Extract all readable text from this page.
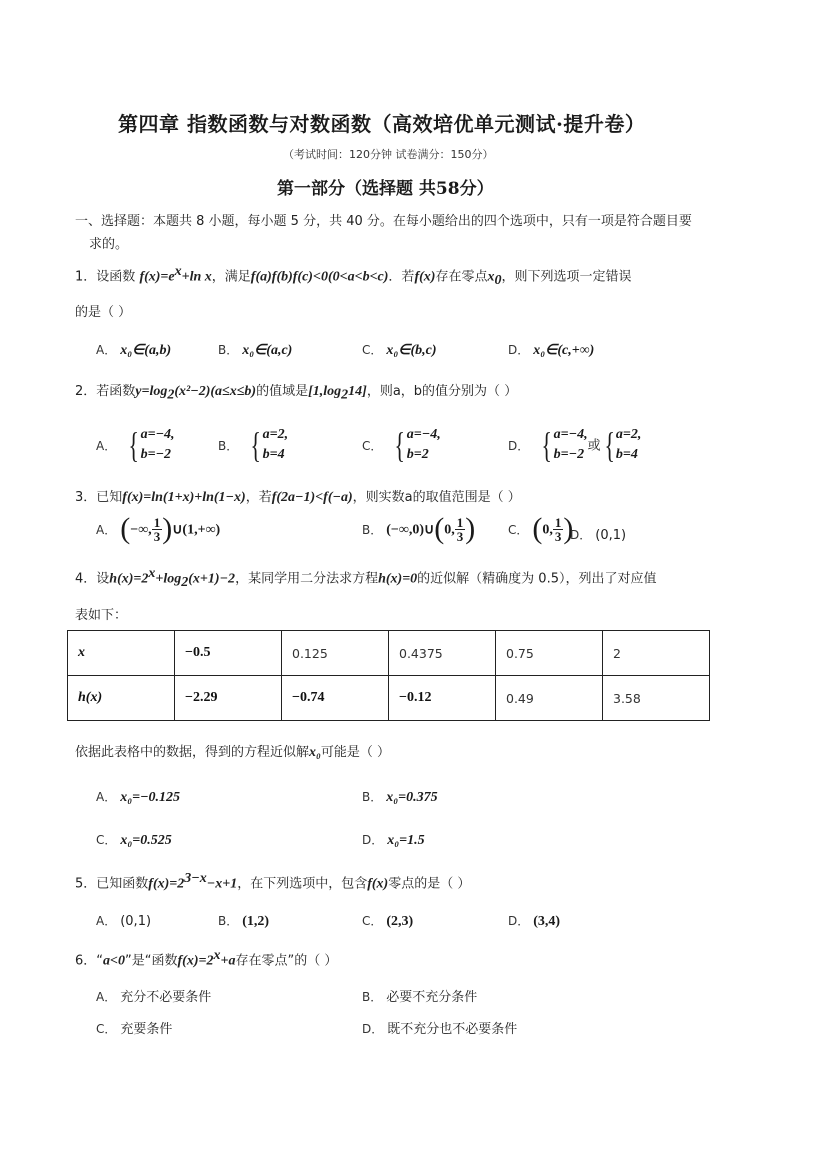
第四章 指数函数与对数函数（高效培优单元测试·提升卷）
（考试时间：120分钟 试卷满分：150分）
第一部分（选择题 共58分）
一、选择题：本题共 8 小题，每小题 5 分，共 40 分。在每小题给出的四个选项中，只有一项是符合题目要
求的。
1．设函数 $f(x)=e^x+\ln$ x，满足f(a)f(b)f(c)<0(0<a<b<c)．若f(x)存在零点$x_0$，则下列选项一定错误
的是（ ）
A． x₀∈(a,b)	B． x₀∈(a,c)	C． x₀∈(b,c)	D． x₀∈(c,+∞)
2．若函数$y=\log_2(x^2-2)(a\le x\le b)$的值域是$[1,\log_214]$，则a，b的值分别为（ ）
A． { a=−4,
b=−2
B． { a=2,
b=4
C． { a=−4,
b=2
D． { a=−4,
b=−2
或 { a=2,
b=4
3．已知f(x)=ln(1+x)+ln(1−x)，若f(2a−1)<f(−a)，则实数a的取值范围是（ ）
A． (−∞, $\frac{1}{3}$ )∪(1,+∞)	B． (−∞,0)∪(0, $\frac{1}{3}$ )	C． (0, $\frac{1}{3}$ )
D． (0,1)
4．设$h(x)=2^x+\log_2(x+1)-2$，某同学用二分法求方程h(x)=0的近似解（精确度为 0.5），列出了对应值
表如下：
x	−0.5	0.125	0.4375	0.75	2
h(x)	−2.29	−0.74	−0.12	0.49	3.58
依据此表格中的数据，得到的方程近似解x₀可能是（ ）
A． x₀=−0.125	B． x₀=0.375
C． x₀=0.525	D． x₀=1.5
5．已知函数$f(x)=2^{3-x}-x+1$，在下列选项中，包含f(x)零点的是（ ）
A． (0,1)	B． (1,2)	C． (2,3)	D． (3,4)
6．“a<0”是“函数$f(x)=2^x+a$存在零点”的（ ）
A． 充分不必要条件	B． 必要不充分条件
C． 充要条件	D． 既不充分也不必要条件
